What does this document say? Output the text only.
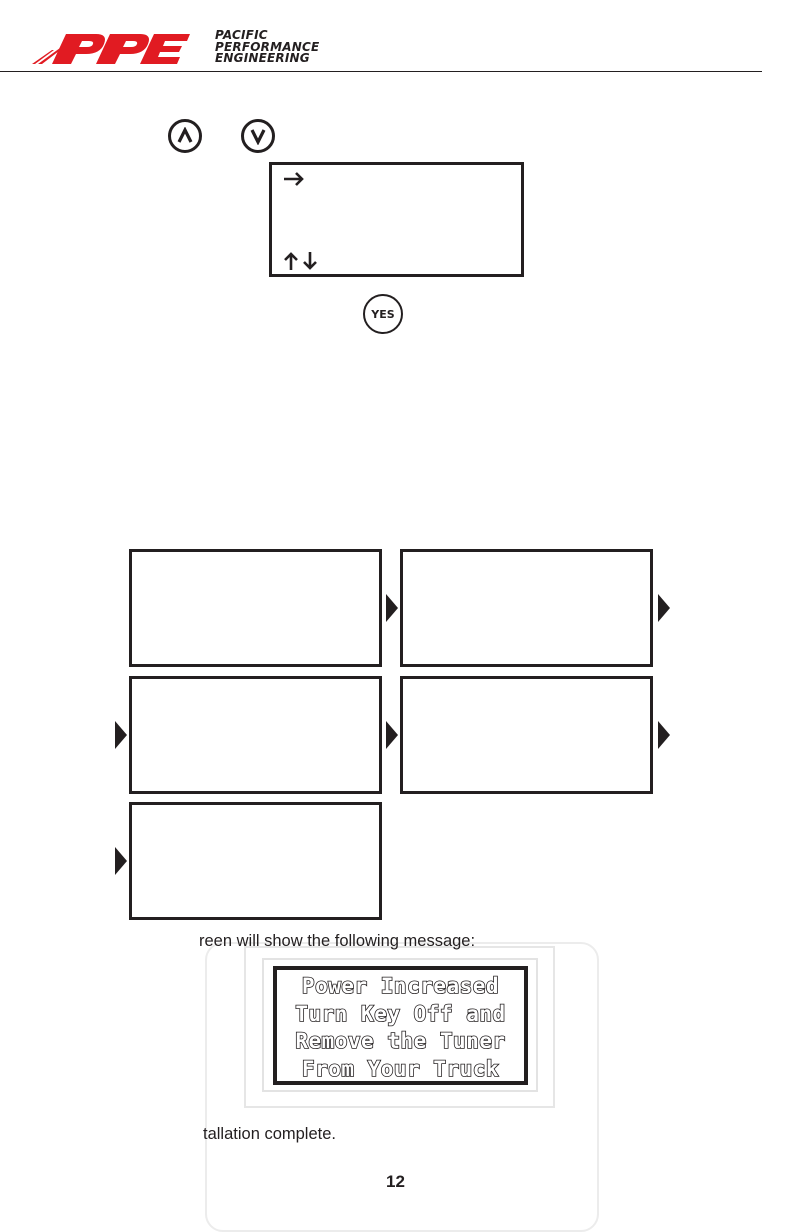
PACIFIC
PERFORMANCE
ENGINEERING
YES
reen will show the following message:
Power Increased
Turn Key Off and
Remove the Tuner
From Your Truck
tallation complete.
12
